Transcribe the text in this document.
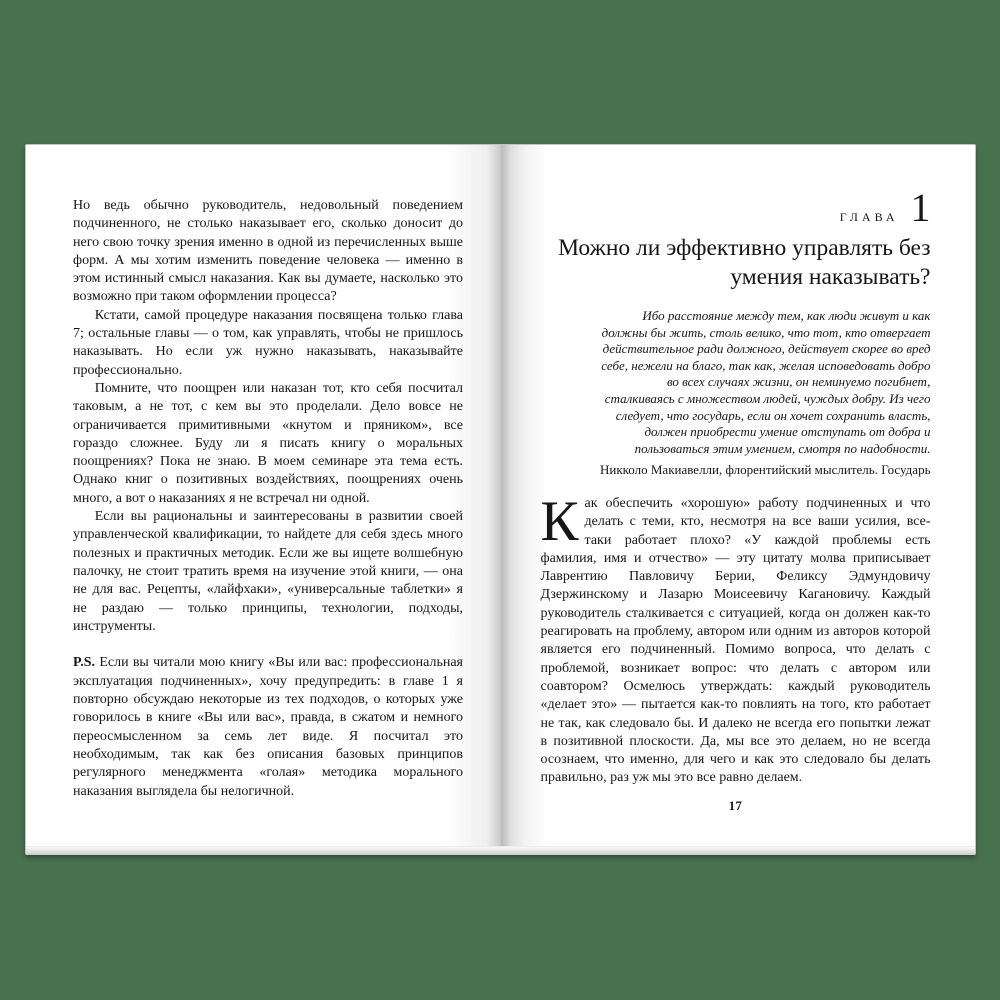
Но ведь обычно руководитель, недовольный поведением подчиненного, не столько наказывает его, сколько доносит до него свою точку зрения именно в одной из перечисленных выше форм. А мы хотим изменить поведение человека — именно в этом истинный смысл наказания. Как вы думаете, насколько это возможно при таком оформлении процесса?

Кстати, самой процедуре наказания посвящена только глава 7; остальные главы — о том, как управлять, чтобы не пришлось наказывать. Но если уж нужно наказывать, наказывайте профессионально.

Помните, что поощрен или наказан тот, кто себя посчитал таковым, а не тот, с кем вы это проделали. Дело вовсе не ограничивается примитивными «кнутом и пряником», все гораздо сложнее. Буду ли я писать книгу о моральных поощрениях? Пока не знаю. В моем семинаре эта тема есть. Однако книг о позитивных воздействиях, поощрениях очень много, а вот о наказаниях я не встречал ни одной.

Если вы рациональны и заинтересованы в развитии своей управленческой квалификации, то найдете для себя здесь много полезных и практичных методик. Если же вы ищете волшебную палочку, не стоит тратить время на изучение этой книги, — она не для вас. Рецепты, «лайфхаки», «универсальные таблетки» я не раздаю — только принципы, технологии, подходы, инструменты.

P.S. Если вы читали мою книгу «Вы или вас: профессиональная эксплуатация подчиненных», хочу предупредить: в главе 1 я повторно обсуждаю некоторые из тех подходов, о которых уже говорилось в книге «Вы или вас», правда, в сжатом и немного переосмысленном за семь лет виде. Я посчитал это необходимым, так как без описания базовых принципов регулярного менеджмента «голая» методика морального наказания выглядела бы нелогичной.

ГЛАВА 1
Можно ли эффективно управлять без умения наказывать?
Ибо расстояние между тем, как люди живут и как должны бы жить, столь велико, что тот, кто отвергает действительное ради должного, действует скорее во вред себе, нежели на благо, так как, желая исповедовать добро во всех случаях жизни, он неминуемо погибнет, сталкиваясь с множеством людей, чуждых добру. Из чего следует, что государь, если он хочет сохранить власть, должен приобрести умение отступать от добра и пользоваться этим умением, смотря по надобности.
Никколо Макиавелли, флорентийский мыслитель. Государь
Как обеспечить «хорошую» работу подчиненных и что делать с теми, кто, несмотря на все ваши усилия, все-таки работает плохо? «У каждой проблемы есть фамилия, имя и отчество» — эту цитату молва приписывает Лаврентию Павловичу Берии, Феликсу Эдмундовичу Дзержинскому и Лазарю Моисеевичу Кагановичу. Каждый руководитель сталкивается с ситуацией, когда он должен как-то реагировать на проблему, автором или одним из авторов которой является его подчиненный. Помимо вопроса, что делать с проблемой, возникает вопрос: что делать с автором или соавтором? Осмелюсь утверждать: каждый руководитель «делает это» — пытается как-то повлиять на того, кто работает не так, как следовало бы. И далеко не всегда его попытки лежат в позитивной плоскости. Да, мы все это делаем, но не всегда осознаем, что именно, для чего и как это следовало бы делать правильно, раз уж мы это все равно делаем.
17
